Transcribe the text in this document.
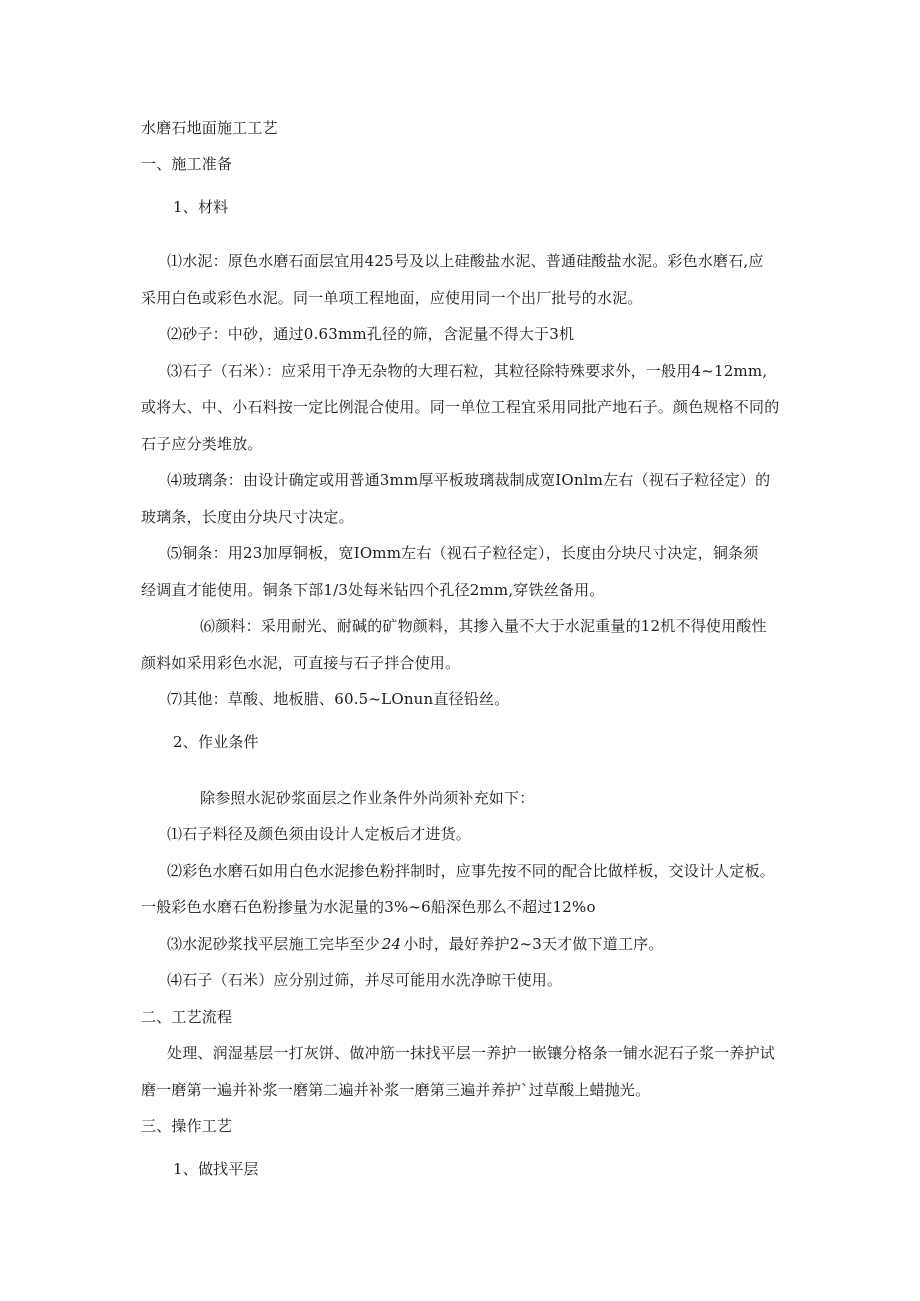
水磨石地面施工工艺
一、施工准备
1、材料
⑴水泥：原色水磨石面层宜用425号及以上硅酸盐水泥、普通硅酸盐水泥。彩色水磨石,应
采用白色或彩色水泥。同一单项工程地面，应使用同一个出厂批号的水泥。
⑵砂子：中砂，通过0.63mm孔径的筛，含泥量不得大于3机
⑶石子（石米）：应采用干净无杂物的大理石粒，其粒径除特殊要求外，一般用4~12mm,
或将大、中、小石料按一定比例混合使用。同一单位工程宜采用同批产地石子。颜色规格不同的
石子应分类堆放。
⑷玻璃条：由设计确定或用普通3mm厚平板玻璃裁制成宽IOnlm左右（视石子粒径定）的
玻璃条，长度由分块尺寸决定。
⑸铜条：用23加厚铜板，宽IOmm左右（视石子粒径定），长度由分块尺寸决定，铜条须
经调直才能使用。铜条下部1/3处每米钻四个孔径2mm,穿铁丝备用。
⑹颜料：采用耐光、耐碱的矿物颜料，其掺入量不大于水泥重量的12机不得使用酸性
颜料如采用彩色水泥，可直接与石子拌合使用。
⑺其他：草酸、地板腊、60.5~LOnun直径铅丝。
2、作业条件
除参照水泥砂浆面层之作业条件外尚须补充如下：
⑴石子料径及颜色须由设计人定板后才进货。
⑵彩色水磨石如用白色水泥掺色粉拌制时，应事先按不同的配合比做样板，交设计人定板。
一般彩色水磨石色粉掺量为水泥量的3%~6船深色那么不超过12%o
⑶水泥砂浆找平层施工完毕至少 24 小时，最好养护2~3天才做下道工序。
⑷石子（石米）应分别过筛，并尽可能用水洗净晾干使用。
二、工艺流程
处理、润湿基层一打灰饼、做冲筋一抹找平层一养护一嵌镶分格条一铺水泥石子浆一养护试
磨一磨第一遍并补浆一磨第二遍并补浆一磨第三遍并养护`过草酸上蜡抛光。
三、操作工艺
1、做找平层
